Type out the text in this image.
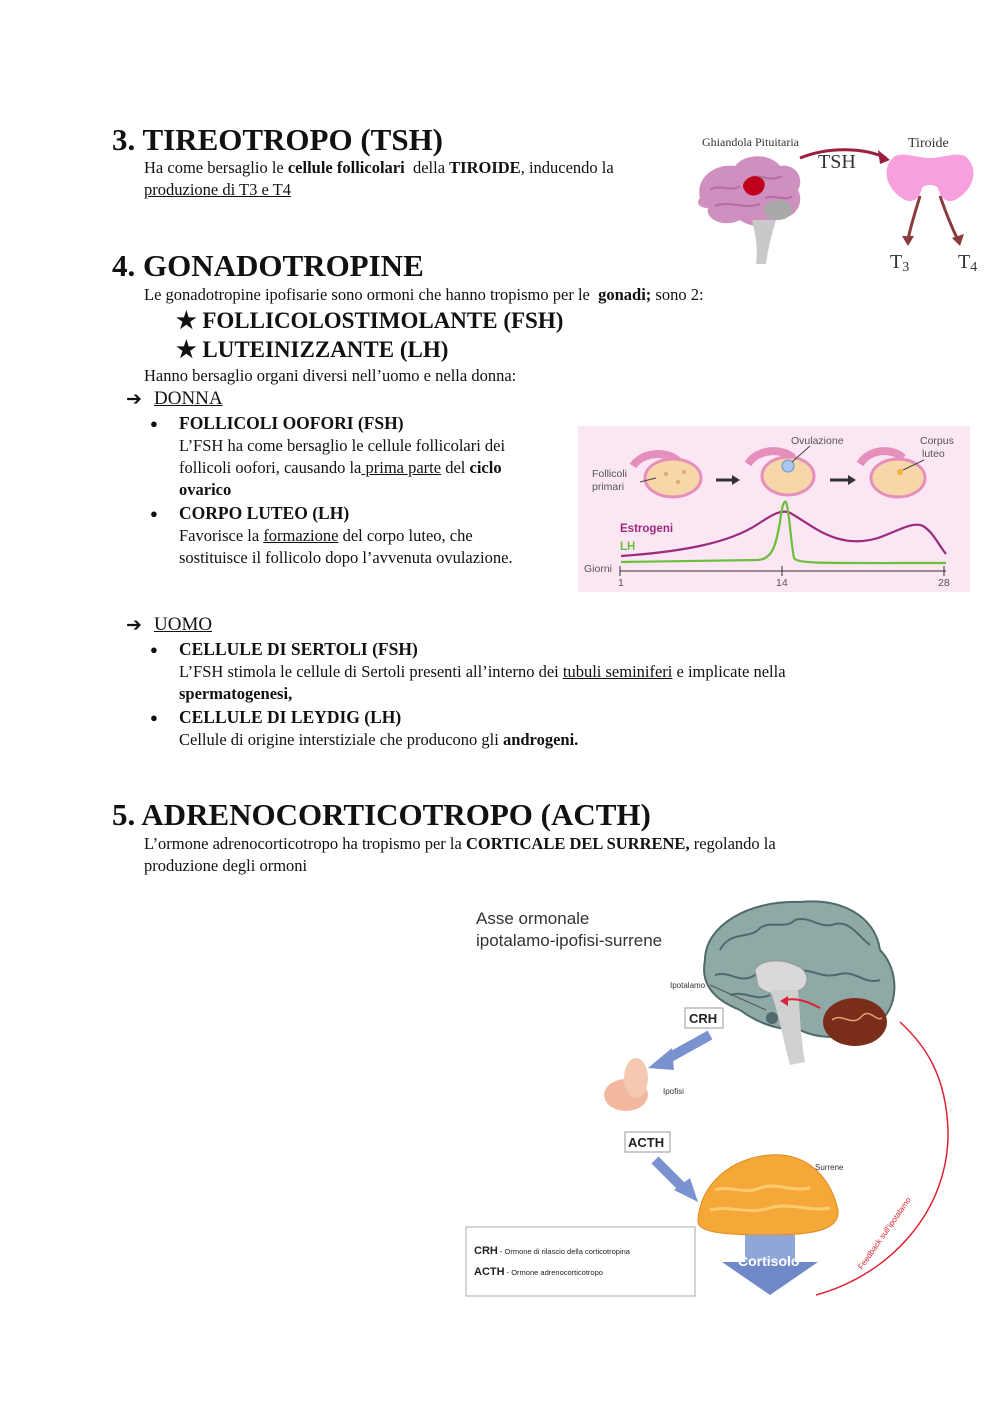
3. TIREOTROPO (TSH)
Ha come bersaglio le cellule follicolari  della TIROIDE, inducendo la
produzione di T3 e T4
Ghiandola Pituitaria	Tiroide
TSH
T3 T4
4. GONADOTROPINE
Le gonadotropine ipofisarie sono ormoni che hanno tropismo per le  gonadi; sono 2:
★ FOLLICOLOSTIMOLANTE (FSH)
★ LUTEINIZZANTE (LH)
Hanno bersaglio organi diversi nell’uomo e nella donna:
➔ DONNA
● FOLLICOLI OOFORI (FSH)
L’FSH ha come bersaglio le cellule follicolari dei
follicoli oofori, causando la prima parte del ciclo
ovarico
● CORPO LUTEO (LH)
Favorisce la formazione del corpo luteo, che
sostituisce il follicolo dopo l’avvenuta ovulazione.
Follicoli
primari
Ovulazione	Corpus
luteo
Estrogeni
LH
Giorni
1	14	28
➔ UOMO
● CELLULE DI SERTOLI (FSH)
L’FSH stimola le cellule di Sertoli presenti all’interno dei tubuli seminiferi e implicate nella
spermatogenesi,
● CELLULE DI LEYDIG (LH)
Cellule di origine interstiziale che producono gli androgeni.
5. ADRENOCORTICOTROPO (ACTH)
L’ormone adrenocorticotropo ha tropismo per la CORTICALE DEL SURRENE, regolando la
produzione degli ormoni
Asse ormonale
ipotalamo-ipofisi-surrene
Ipotalamo
CRH
Ipofisi
ACTH
Surrene
Cortisolo	Feedback sull’ipotalamo
CRH - Ormone di rilascio della corticotropina
ACTH - Ormone adrenocorticotropo
